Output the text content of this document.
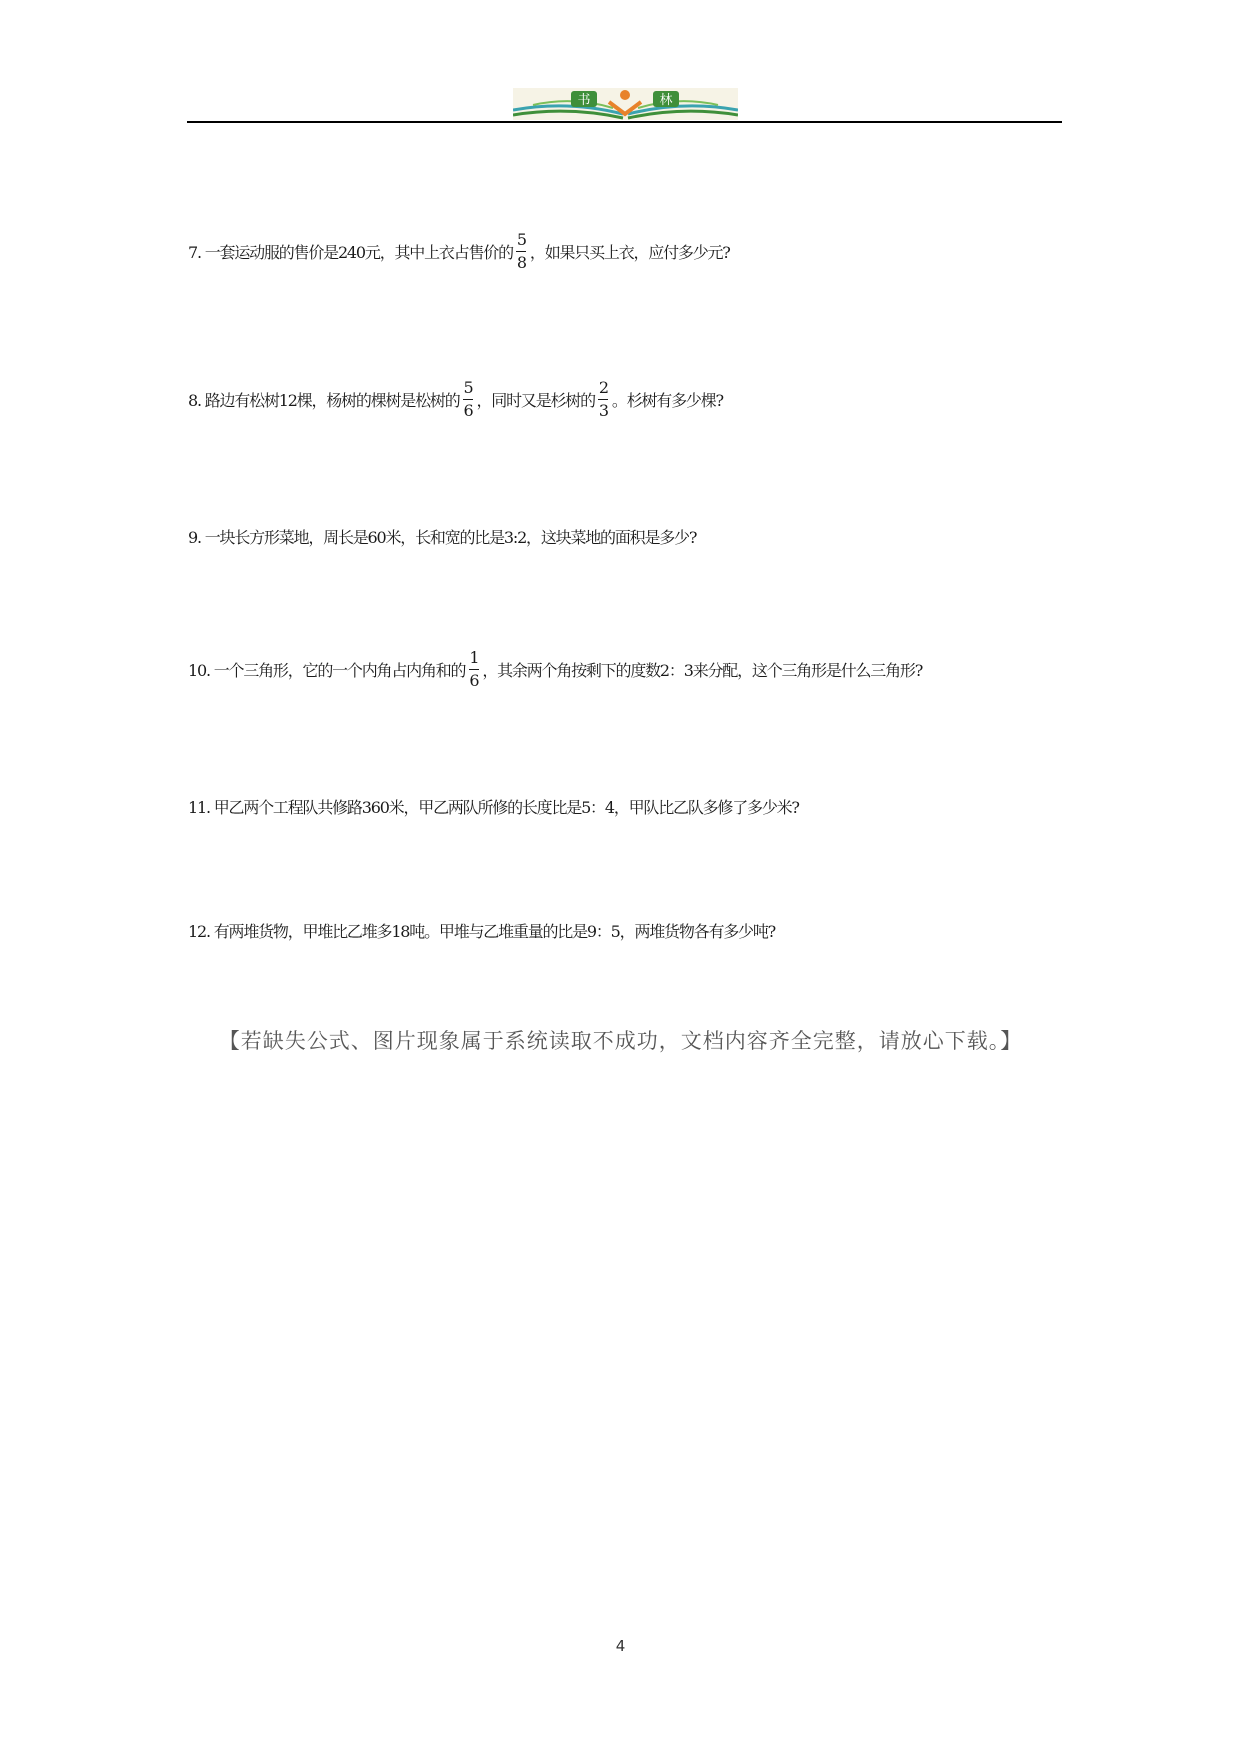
书	林
7. 一套运动服的售价是240元，其中上衣占售价的 $\frac{5}{8}$ ，如果只买上衣，应付多少元?
8. 路边有松树12棵，杨树的棵树是松树的 $\frac{5}{6}$ ，同时又是杉树的 $\frac{2}{3}$ 。杉树有多少棵?
9. 一块长方形菜地，周长是60米，长和宽的比是3:2，这块菜地的面积是多少?
10. 一个三角形，它的一个内角占内角和的 $\frac{1}{6}$ ，其余两个角按剩下的度数2：3来分配，这个三角形是什么三角形?
11. 甲乙两个工程队共修路360米，甲乙两队所修的长度比是5：4，甲队比乙队多修了多少米?
12. 有两堆货物，甲堆比乙堆多18吨。甲堆与乙堆重量的比是9：5，两堆货物各有多少吨?
【若缺失公式、图片现象属于系统读取不成功，文档内容齐全完整，请放心下载。】
4
